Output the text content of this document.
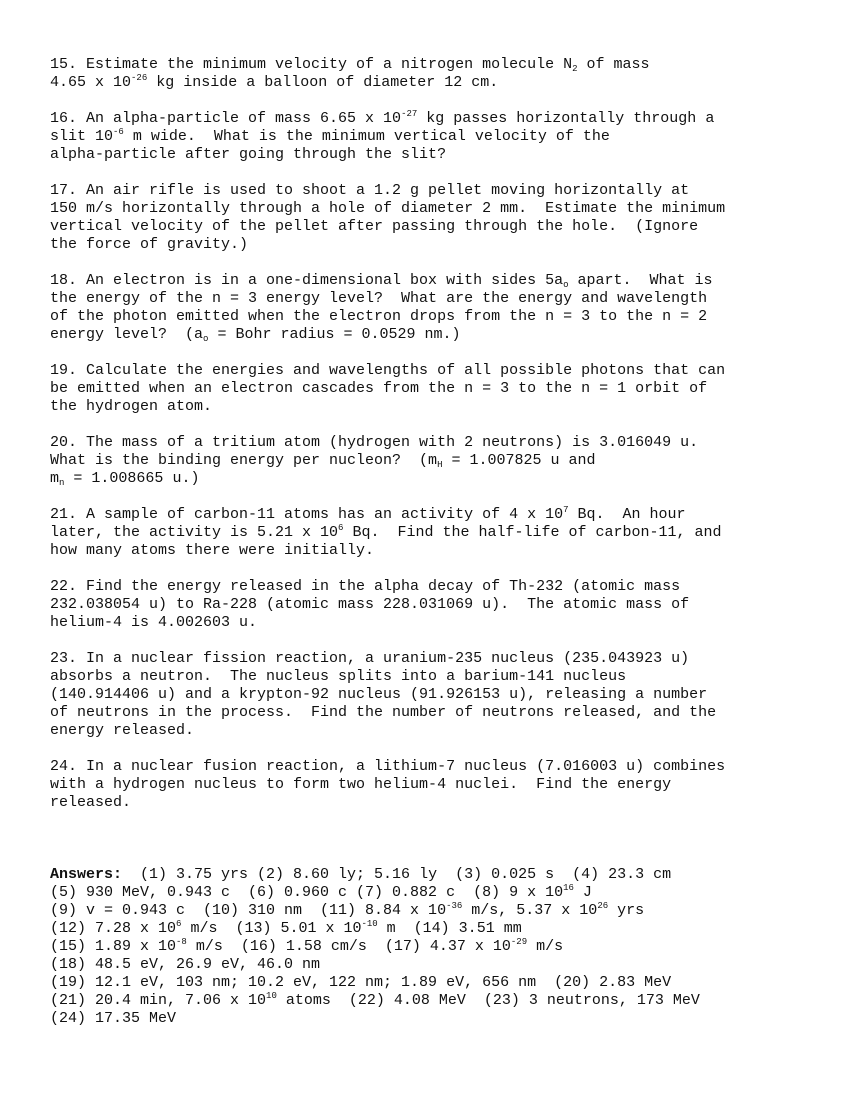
15. Estimate the minimum velocity of a nitrogen molecule $N_2$ of mass
4.65 x $10^{-26}$ kg inside a balloon of diameter 12 cm.
16. An alpha-particle of mass 6.65 x $10^{-27}$ kg passes horizontally through a
slit $10^{-6}$ m wide.  What is the minimum vertical velocity of the
alpha-particle after going through the slit?
17. An air rifle is used to shoot a 1.2 g pellet moving horizontally at
150 m/s horizontally through a hole of diameter 2 mm.  Estimate the minimum
vertical velocity of the pellet after passing through the hole.  (Ignore
the force of gravity.)
18. An electron is in a one-dimensional box with sides $5a_o$ apart.  What is
the energy of the n = 3 energy level?  What are the energy and wavelength
of the photon emitted when the electron drops from the n = 3 to the n = 2
energy level?  ($a_o$ = Bohr radius = 0.0529 nm.)
19. Calculate the energies and wavelengths of all possible photons that can
be emitted when an electron cascades from the n = 3 to the n = 1 orbit of
the hydrogen atom.
20. The mass of a tritium atom (hydrogen with 2 neutrons) is 3.016049 u.
What is the binding energy per nucleon?  ($m_H = 1.007825$ u and
$m_n = 1.008665$ u.)
21. A sample of carbon-11 atoms has an activity of 4 x $10^7$ Bq.  An hour
later, the activity is 5.21 x $10^6$ Bq.  Find the half-life of carbon-11, and
how many atoms there were initially.
22. Find the energy released in the alpha decay of Th-232 (atomic mass
232.038054 u) to Ra-228 (atomic mass 228.031069 u).  The atomic mass of
helium-4 is 4.002603 u.
23. In a nuclear fission reaction, a uranium-235 nucleus (235.043923 u)
absorbs a neutron.  The nucleus splits into a barium-141 nucleus
(140.914406 u) and a krypton-92 nucleus (91.926153 u), releasing a number
of neutrons in the process.  Find the number of neutrons released, and the
energy released.
24. In a nuclear fusion reaction, a lithium-7 nucleus (7.016003 u) combines
with a hydrogen nucleus to form two helium-4 nuclei.  Find the energy
released.

Answers:  (1) 3.75 yrs (2) 8.60 ly; 5.16 ly  (3) 0.025 s  (4) 23.3 cm
(5) 930 MeV, 0.943 c  (6) 0.960 c (7) 0.882 c  (8) 9 x $10^{16}$ J
(9) v = 0.943 c  (10) 310 nm  (11) 8.84 x $10^{-36}$ m/s, 5.37 x $10^{26}$ yrs
(12) 7.28 x $10^6$ m/s  (13) 5.01 x $10^{-10}$ m  (14) 3.51 mm
(15) 1.89 x $10^{-8}$ m/s  (16) 1.58 cm/s  (17) 4.37 x $10^{-29}$ m/s
(18) 48.5 eV, 26.9 eV, 46.0 nm
(19) 12.1 eV, 103 nm; 10.2 eV, 122 nm; 1.89 eV, 656 nm  (20) 2.83 MeV
(21) 20.4 min, 7.06 x $10^{10}$ atoms  (22) 4.08 MeV  (23) 3 neutrons, 173 MeV
(24) 17.35 MeV
